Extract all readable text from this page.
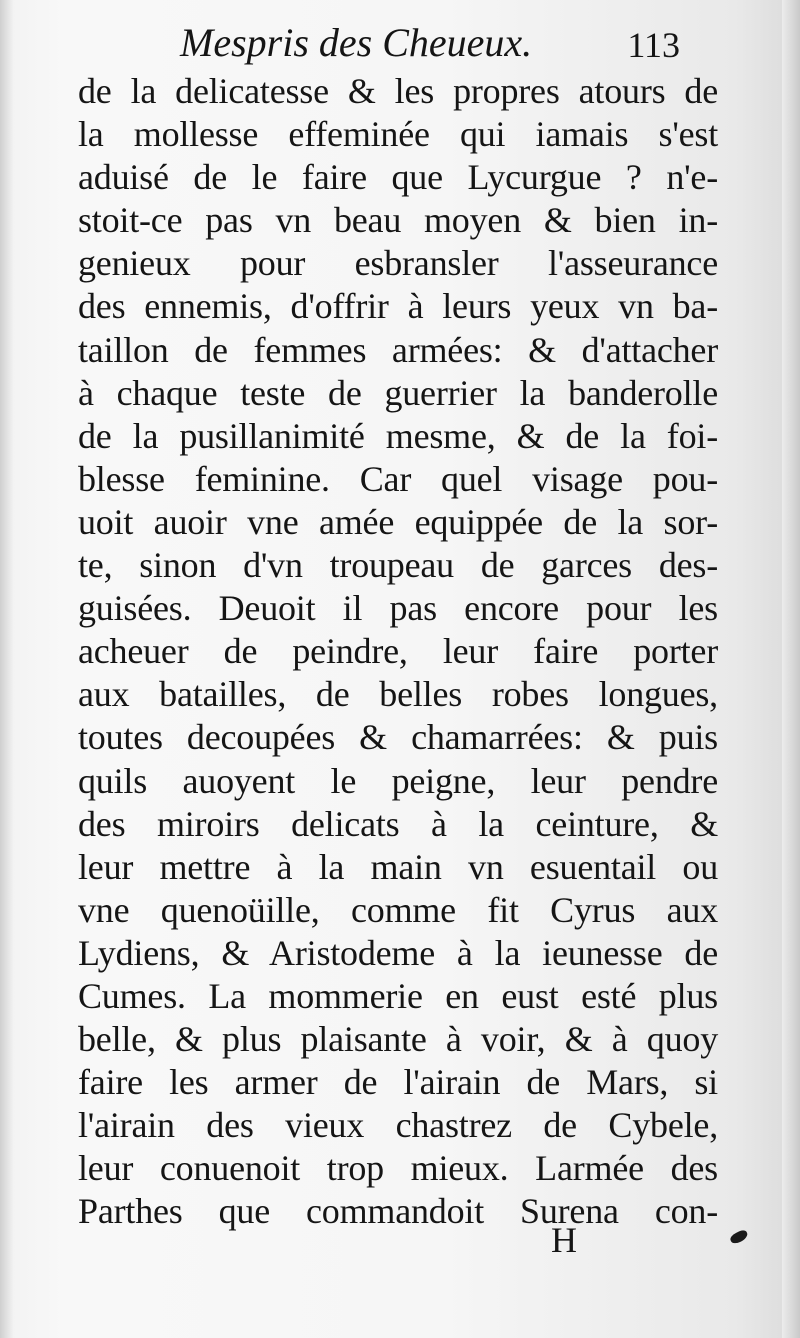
Mespris des Cheueux.	113
de la delicatesse & les propres atours de
la mollesse effeminée qui iamais s'est
aduisé de le faire que Lycurgue ? n'e-
stoit-ce pas vn beau moyen & bien in-
genieux pour esbransler l'asseurance
des ennemis, d'offrir à leurs yeux vn ba-
taillon de femmes armées: & d'attacher
à chaque teste de guerrier la banderolle
de la pusillanimité mesme, & de la foi-
blesse feminine. Car quel visage pou-
uoit auoir vne amée equippée de la sor-
te, sinon d'vn troupeau de garces des-
guisées. Deuoit il pas encore pour les
acheuer de peindre, leur faire porter
aux batailles, de belles robes longues,
toutes decoupées & chamarrées: & puis
quils auoyent le peigne, leur pendre
des miroirs delicats à la ceinture, &
leur mettre à la main vn esuentail ou
vne quenoüille, comme fit Cyrus aux
Lydiens, & Aristodeme à la ieunesse de
Cumes. La mommerie en eust esté plus
belle, & plus plaisante à voir, & à quoy
faire les armer de l'airain de Mars, si
l'airain des vieux chastrez de Cybele,
leur conuenoit trop mieux. Larmée des
Parthes que commandoit Surena con-
H
